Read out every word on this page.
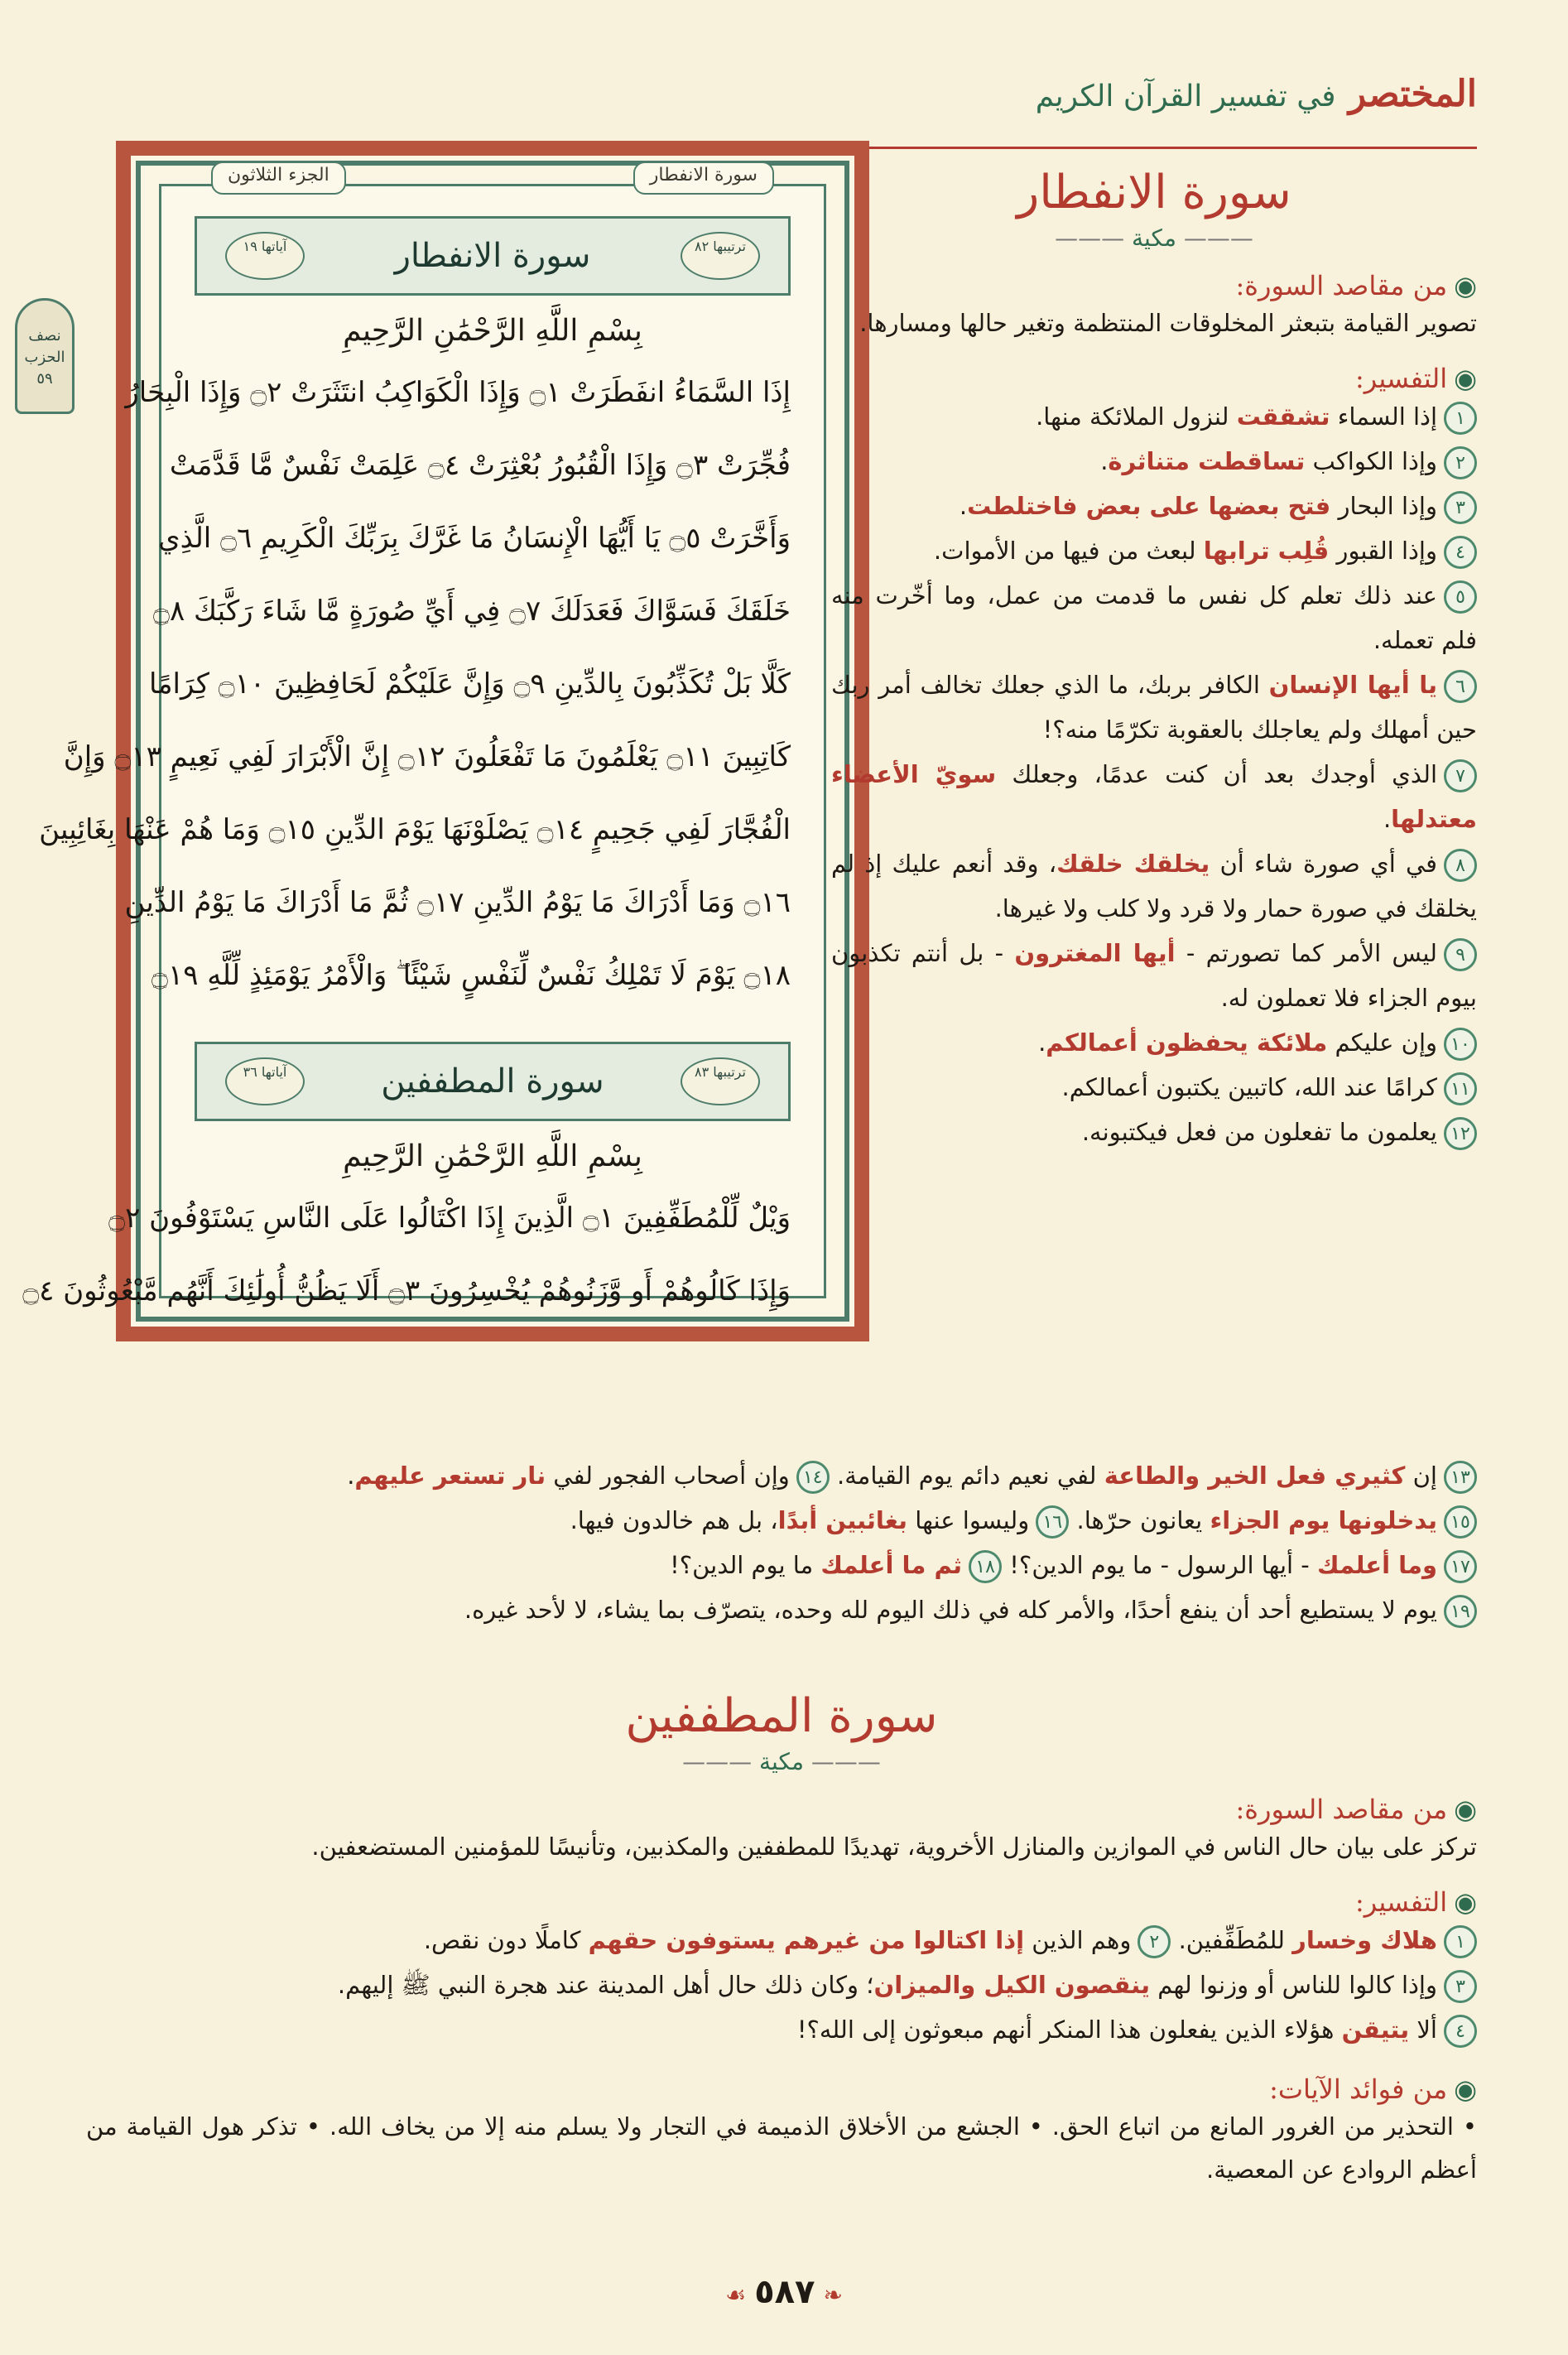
المختصر في تفسير القرآن الكريم
سورة الانفطار
الجزء الثلاثون
ترتيبها ٨٢
سورة الانفطار
آياتها ١٩
بِسْمِ اللَّهِ الرَّحْمَٰنِ الرَّحِيمِ
إِذَا السَّمَاءُ انفَطَرَتْ ۝١ وَإِذَا الْكَوَاكِبُ انتَثَرَتْ ۝٢ وَإِذَا الْبِحَارُ
فُجِّرَتْ ۝٣ وَإِذَا الْقُبُورُ بُعْثِرَتْ ۝٤ عَلِمَتْ نَفْسٌ مَّا قَدَّمَتْ
وَأَخَّرَتْ ۝٥ يَا أَيُّهَا الْإِنسَانُ مَا غَرَّكَ بِرَبِّكَ الْكَرِيمِ ۝٦ الَّذِي
خَلَقَكَ فَسَوَّاكَ فَعَدَلَكَ ۝٧ فِي أَيِّ صُورَةٍ مَّا شَاءَ رَكَّبَكَ ۝٨
كَلَّا بَلْ تُكَذِّبُونَ بِالدِّينِ ۝٩ وَإِنَّ عَلَيْكُمْ لَحَافِظِينَ ۝١٠ كِرَامًا
كَاتِبِينَ ۝١١ يَعْلَمُونَ مَا تَفْعَلُونَ ۝١٢ إِنَّ الْأَبْرَارَ لَفِي نَعِيمٍ ۝١٣ وَإِنَّ
الْفُجَّارَ لَفِي جَحِيمٍ ۝١٤ يَصْلَوْنَهَا يَوْمَ الدِّينِ ۝١٥ وَمَا هُمْ عَنْهَا بِغَائِبِينَ
۝١٦ وَمَا أَدْرَاكَ مَا يَوْمُ الدِّينِ ۝١٧ ثُمَّ مَا أَدْرَاكَ مَا يَوْمُ الدِّينِ
۝١٨ يَوْمَ لَا تَمْلِكُ نَفْسٌ لِّنَفْسٍ شَيْئًا ۖ وَالْأَمْرُ يَوْمَئِذٍ لِّلَّهِ ۝١٩
ترتيبها ٨٣
سورة المطففين
آياتها ٣٦
بِسْمِ اللَّهِ الرَّحْمَٰنِ الرَّحِيمِ
وَيْلٌ لِّلْمُطَفِّفِينَ ۝١ الَّذِينَ إِذَا اكْتَالُوا عَلَى النَّاسِ يَسْتَوْفُونَ ۝٢
وَإِذَا كَالُوهُمْ أَو وَّزَنُوهُمْ يُخْسِرُونَ ۝٣ أَلَا يَظُنُّ أُولَٰئِكَ أَنَّهُم مَّبْعُوثُونَ ۝٤
نصف
الحزب
٥٩
سورة الانفطار
——— مكية ———
◉من مقاصد السورة:
تصوير القيامة بتبعثر المخلوقات المنتظمة وتغير حالها ومسارها.
◉التفسير:
١إذا السماء تشققت لنزول الملائكة منها.
٢وإذا الكواكب تساقطت متناثرة.
٣وإذا البحار فتح بعضها على بعض فاختلطت.
٤وإذا القبور قُلِب ترابها لبعث من فيها من الأموات.
٥عند ذلك تعلم كل نفس ما قدمت من عمل، وما أخّرت منه فلم تعمله.
٦يا أيها الإنسان الكافر بربك، ما الذي جعلك تخالف أمر ربك حين أمهلك ولم يعاجلك بالعقوبة تكرّمًا منه؟!
٧الذي أوجدك بعد أن كنت عدمًا، وجعلك سويّ الأعضاء معتدلها.
٨في أي صورة شاء أن يخلقك خلقك، وقد أنعم عليك إذ لم يخلقك في صورة حمار ولا قرد ولا كلب ولا غيرها.
٩ليس الأمر كما تصورتم - أيها المغترون - بل أنتم تكذبون بيوم الجزاء فلا تعملون له.
١٠وإن عليكم ملائكة يحفظون أعمالكم.
١١كرامًا عند الله، كاتبين يكتبون أعمالكم.
١٢يعلمون ما تفعلون من فعل فيكتبونه.
١٣إن كثيري فعل الخير والطاعة لفي نعيم دائم يوم القيامة. ١٤وإن أصحاب الفجور لفي نار تستعر عليهم.
١٥يدخلونها يوم الجزاء يعانون حرّها. ١٦وليسوا عنها بغائبين أبدًا، بل هم خالدون فيها.
١٧وما أعلمك - أيها الرسول - ما يوم الدين؟! ١٨ثم ما أعلمك ما يوم الدين؟!
١٩يوم لا يستطيع أحد أن ينفع أحدًا، والأمر كله في ذلك اليوم لله وحده، يتصرّف بما يشاء، لا لأحد غيره.
سورة المطففين
——— مكية ———
◉من مقاصد السورة:
تركز على بيان حال الناس في الموازين والمنازل الأخروية، تهديدًا للمطففين والمكذبين، وتأنيسًا للمؤمنين المستضعفين.
◉التفسير:
١هلاك وخسار للمُطَفِّفين. ٢وهم الذين إذا اكتالوا من غيرهم يستوفون حقهم كاملًا دون نقص.
٣وإذا كالوا للناس أو وزنوا لهم ينقصون الكيل والميزان؛ وكان ذلك حال أهل المدينة عند هجرة النبي ﷺ إليهم.
٤ألا يتيقن هؤلاء الذين يفعلون هذا المنكر أنهم مبعوثون إلى الله؟!
◉من فوائد الآيات:
• التحذير من الغرور المانع من اتباع الحق. • الجشع من الأخلاق الذميمة في التجار ولا يسلم منه إلا من يخاف الله. • تذكر هول القيامة من أعظم الروادع عن المعصية.
❧٥٨٧☙
